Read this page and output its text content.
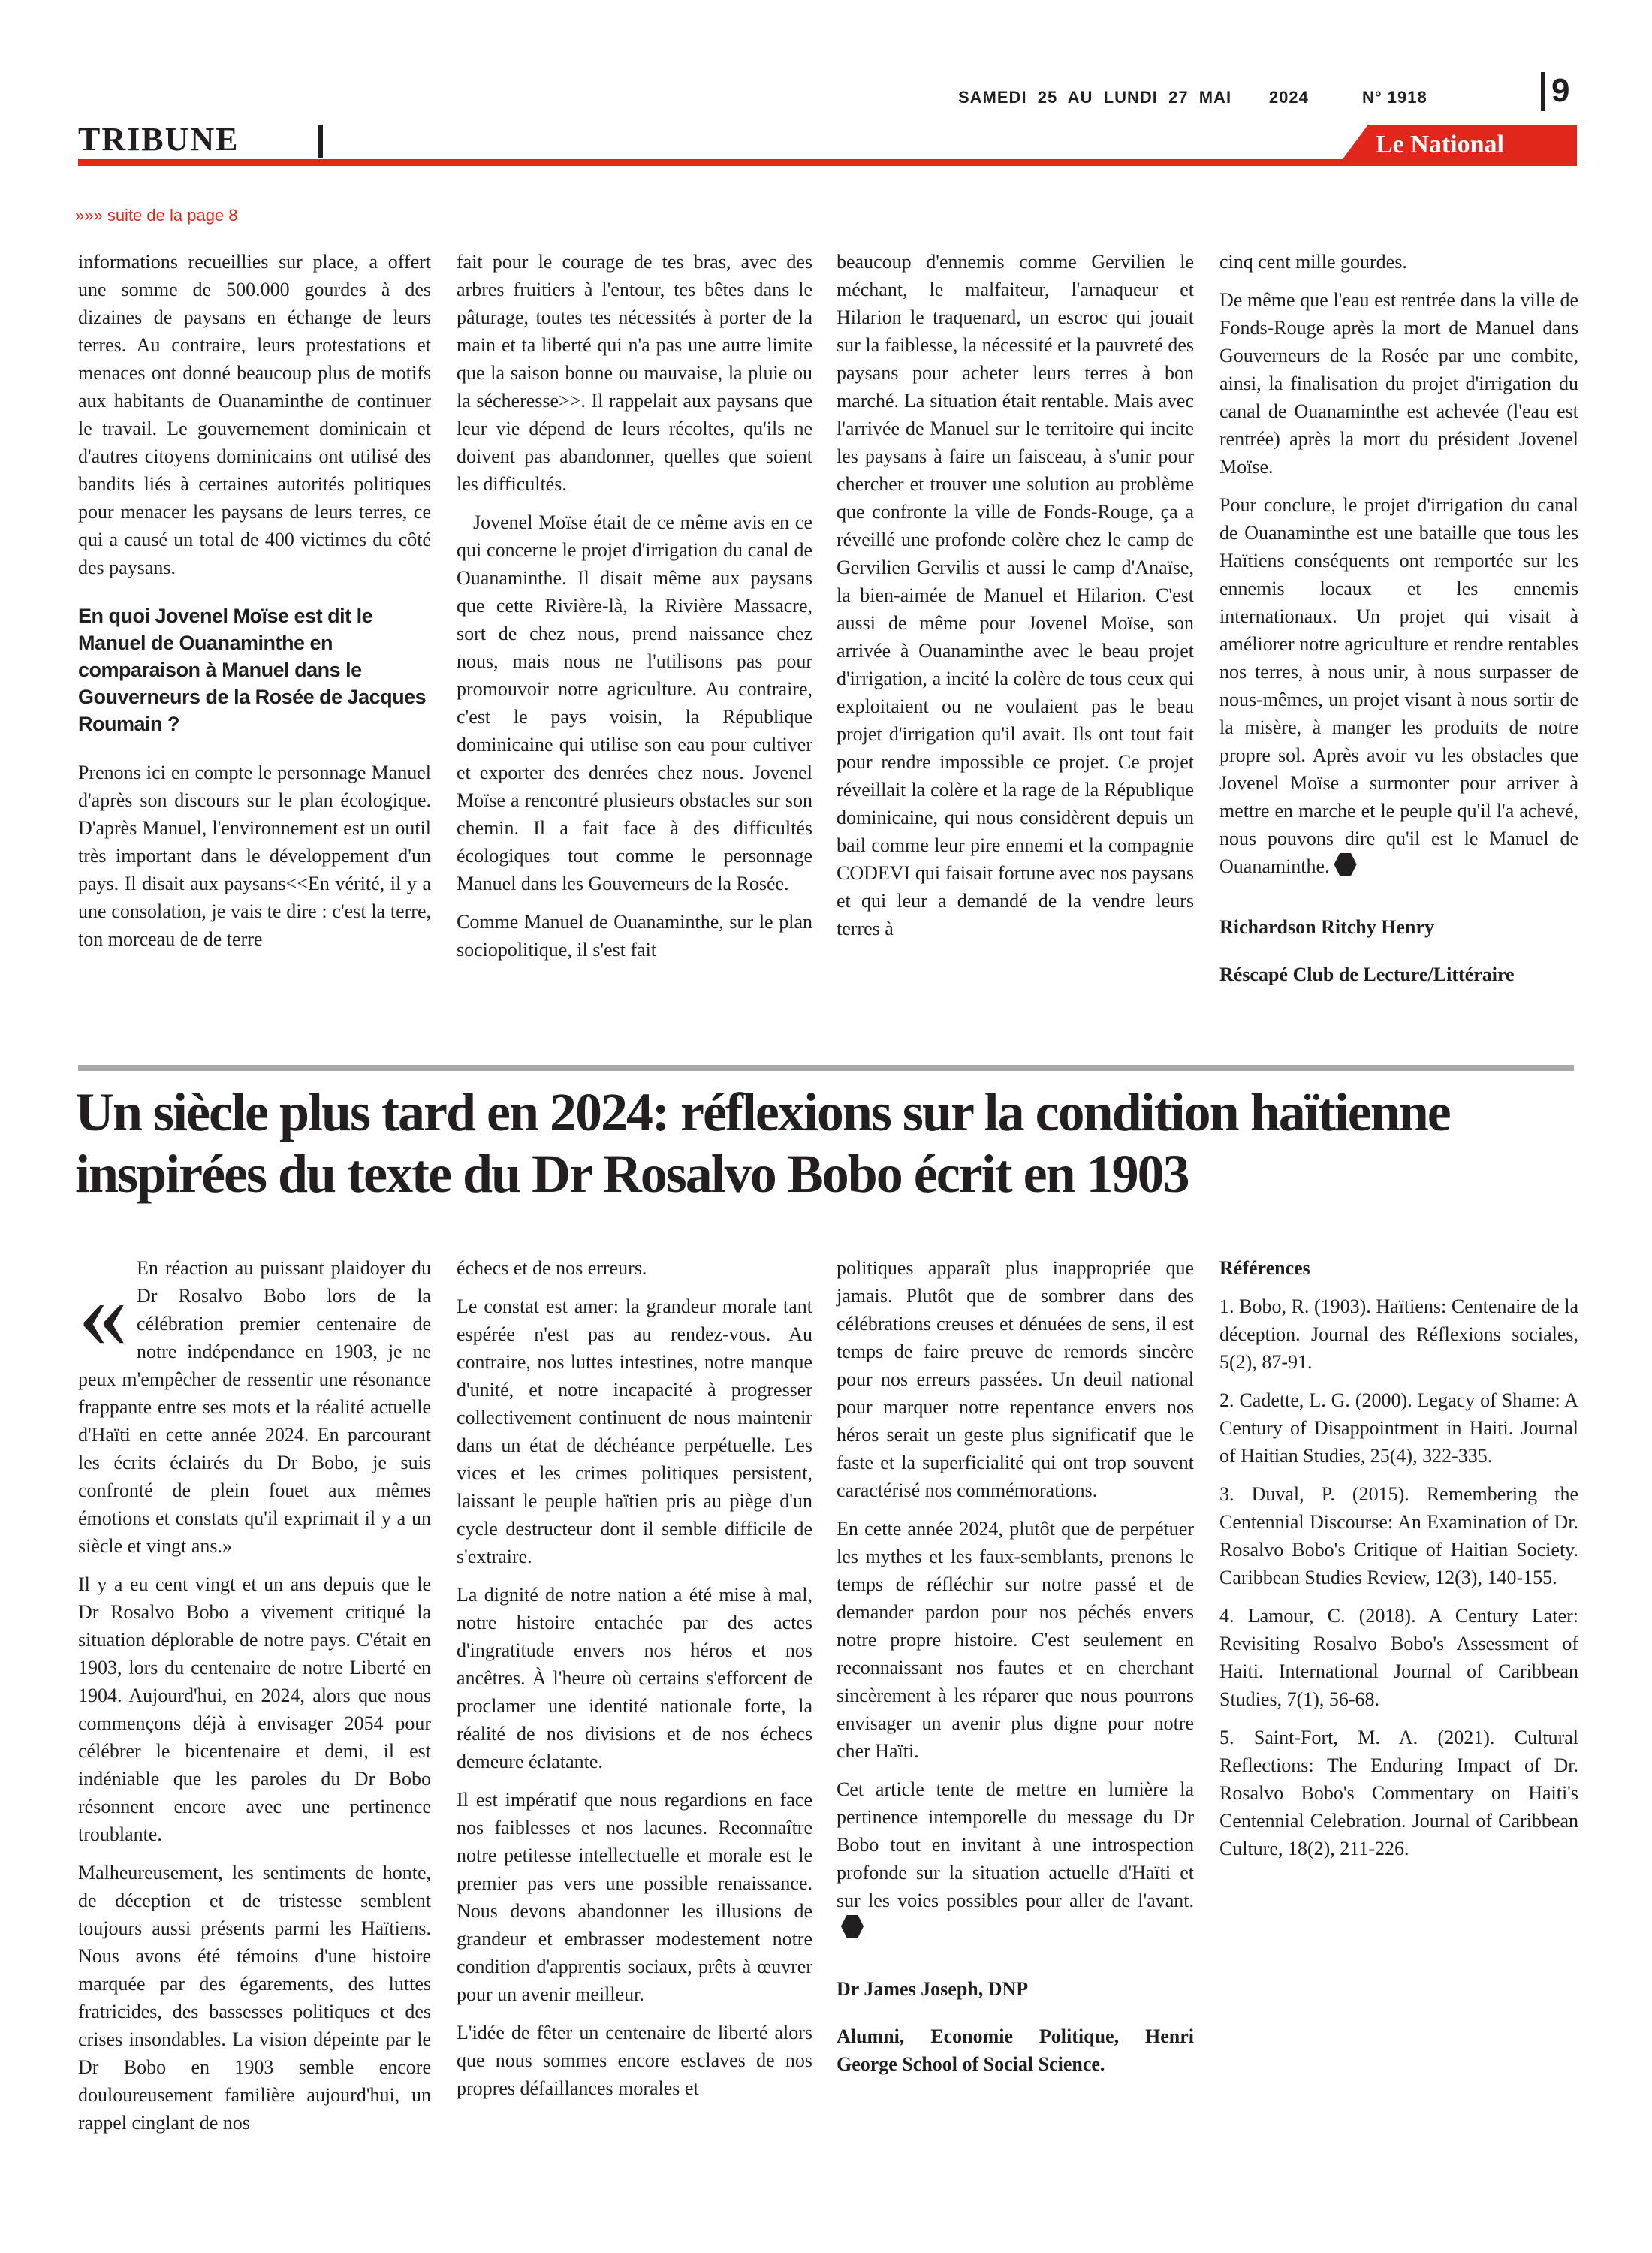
TRIBUNE
SAMEDI  25  AU  LUNDI  27  MAI       2024          N° 1918	9
Le National
»»» suite de la page 8

informations recueillies sur place, a offert une somme de 500.000 gourdes à des dizaines de paysans en échange de leurs terres. Au contraire, leurs protestations et menaces ont donné beaucoup plus de motifs aux habitants de Ouanaminthe de continuer le travail. Le gouvernement dominicain et d'autres citoyens dominicains ont utilisé des bandits liés à certaines autorités politiques pour menacer les paysans de leurs terres, ce qui a causé un total de 400 victimes du côté des paysans.

En quoi Jovenel Moïse est dit le Manuel de Ouanaminthe en comparaison à Manuel dans le Gouverneurs de la Rosée de Jacques Roumain ?

Prenons ici en compte le personnage Manuel d'après son discours sur le plan écologique. D'après Manuel, l'environnement est un outil très important dans le développement d'un pays. Il disait aux paysans<<En vérité, il y a une consolation, je vais te dire : c'est la terre, ton morceau de de terre

fait pour le courage de tes bras, avec des arbres fruitiers à l'entour, tes bêtes dans le pâturage, toutes tes nécessités à porter de la main et ta liberté qui n'a pas une autre limite que la saison bonne ou mauvaise, la pluie ou la sécheresse>>. Il rappelait aux paysans que leur vie dépend de leurs récoltes, qu'ils ne doivent pas abandonner, quelles que soient les difficultés.

Jovenel Moïse était de ce même avis en ce qui concerne le projet d'irrigation du canal de Ouanaminthe. Il disait même aux paysans que cette Rivière-là, la Rivière Massacre, sort de chez nous, prend naissance chez nous, mais nous ne l'utilisons pas pour promouvoir notre agriculture. Au contraire, c'est le pays voisin, la République dominicaine qui utilise son eau pour cultiver et exporter des denrées chez nous. Jovenel Moïse a rencontré plusieurs obstacles sur son chemin. Il a fait face à des difficultés écologiques tout comme le personnage Manuel dans les Gouverneurs de la Rosée.

Comme Manuel de Ouanaminthe, sur le plan sociopolitique, il s'est fait

beaucoup d'ennemis comme Gervilien le méchant, le malfaiteur, l'arnaqueur et Hilarion le traquenard, un escroc qui jouait sur la faiblesse, la nécessité et la pauvreté des paysans pour acheter leurs terres à bon marché. La situation était rentable. Mais avec l'arrivée de Manuel sur le territoire qui incite les paysans à faire un faisceau, à s'unir pour chercher et trouver une solution au problème que confronte la ville de Fonds-Rouge, ça a réveillé une profonde colère chez le camp de Gervilien Gervilis et aussi le camp d'Anaïse, la bien-aimée de Manuel et Hilarion. C'est aussi de même pour Jovenel Moïse, son arrivée à Ouanaminthe avec le beau projet d'irrigation, a incité la colère de tous ceux qui exploitaient ou ne voulaient pas le beau projet d'irrigation qu'il avait. Ils ont tout fait pour rendre impossible ce projet. Ce projet réveillait la colère et la rage de la République dominicaine, qui nous considèrent depuis un bail comme leur pire ennemi et la compagnie CODEVI qui faisait fortune avec nos paysans et qui leur a demandé de la vendre leurs terres à

cinq cent mille gourdes.

De même que l'eau est rentrée dans la ville de Fonds-Rouge après la mort de Manuel dans Gouverneurs de la Rosée par une combite, ainsi, la finalisation du projet d'irrigation du canal de Ouanaminthe est achevée (l'eau est rentrée) après la mort du président Jovenel Moïse.

Pour conclure, le projet d'irrigation du canal de Ouanaminthe est une bataille que tous les Haïtiens conséquents ont remportée sur les ennemis locaux et les ennemis internationaux. Un projet qui visait à améliorer notre agriculture et rendre rentables nos terres, à nous unir, à nous surpasser de nous-mêmes, un projet visant à nous sortir de la misère, à manger les produits de notre propre sol. Après avoir vu les obstacles que Jovenel Moïse a surmonter pour arriver à mettre en marche et le peuple qu'il l'a achevé, nous pouvons dire qu'il est le Manuel de Ouanaminthe.

Richardson Ritchy Henry

Réscapé Club de Lecture/Littéraire

Un siècle plus tard en 2024: réflexions sur la condition haïtienne inspirées du texte du Dr Rosalvo Bobo écrit en 1903

« En réaction au puissant plaidoyer du Dr Rosalvo Bobo lors de la célébration premier centenaire de notre indépendance en 1903, je ne peux m'empêcher de ressentir une résonance frappante entre ses mots et la réalité actuelle d'Haïti en cette année 2024. En parcourant les écrits éclairés du Dr Bobo, je suis confronté de plein fouet aux mêmes émotions et constats qu'il exprimait il y a un siècle et vingt ans.»

Il y a eu cent vingt et un ans depuis que le Dr Rosalvo Bobo a vivement critiqué la situation déplorable de notre pays. C'était en 1903, lors du centenaire de notre Liberté en 1904. Aujourd'hui, en 2024, alors que nous commençons déjà à envisager 2054 pour célébrer le bicentenaire et demi, il est indéniable que les paroles du Dr Bobo résonnent encore avec une pertinence troublante.

Malheureusement, les sentiments de honte, de déception et de tristesse semblent toujours aussi présents parmi les Haïtiens. Nous avons été témoins d'une histoire marquée par des égarements, des luttes fratricides, des bassesses politiques et des crises insondables. La vision dépeinte par le Dr Bobo en 1903 semble encore douloureusement familière aujourd'hui, un rappel cinglant de nos

échecs et de nos erreurs.

Le constat est amer: la grandeur morale tant espérée n'est pas au rendez-vous. Au contraire, nos luttes intestines, notre manque d'unité, et notre incapacité à progresser collectivement continuent de nous maintenir dans un état de déchéance perpétuelle. Les vices et les crimes politiques persistent, laissant le peuple haïtien pris au piège d'un cycle destructeur dont il semble difficile de s'extraire.

La dignité de notre nation a été mise à mal, notre histoire entachée par des actes d'ingratitude envers nos héros et nos ancêtres. À l'heure où certains s'efforcent de proclamer une identité nationale forte, la réalité de nos divisions et de nos échecs demeure éclatante.

Il est impératif que nous regardions en face nos faiblesses et nos lacunes. Reconnaître notre petitesse intellectuelle et morale est le premier pas vers une possible renaissance. Nous devons abandonner les illusions de grandeur et embrasser modestement notre condition d'apprentis sociaux, prêts à œuvrer pour un avenir meilleur.

L'idée de fêter un centenaire de liberté alors que nous sommes encore esclaves de nos propres défaillances morales et

politiques apparaît plus inappropriée que jamais. Plutôt que de sombrer dans des célébrations creuses et dénuées de sens, il est temps de faire preuve de remords sincère pour nos erreurs passées. Un deuil national pour marquer notre repentance envers nos héros serait un geste plus significatif que le faste et la superficialité qui ont trop souvent caractérisé nos commémorations.

En cette année 2024, plutôt que de perpétuer les mythes et les faux-semblants, prenons le temps de réfléchir sur notre passé et de demander pardon pour nos péchés envers notre propre histoire. C'est seulement en reconnaissant nos fautes et en cherchant sincèrement à les réparer que nous pourrons envisager un avenir plus digne pour notre cher Haïti.

Cet article tente de mettre en lumière la pertinence intemporelle du message du Dr Bobo tout en invitant à une introspection profonde sur la situation actuelle d'Haïti et sur les voies possibles pour aller de l'avant.

Dr James Joseph, DNP

Alumni, Economie Politique, Henri George School of Social Science.

Références

1. Bobo, R. (1903). Haïtiens: Centenaire de la déception. Journal des Réflexions sociales, 5(2), 87-91.

2. Cadette, L. G. (2000). Legacy of Shame: A Century of Disappointment in Haiti. Journal of Haitian Studies, 25(4), 322-335.

3. Duval, P. (2015). Remembering the Centennial Discourse: An Examination of Dr. Rosalvo Bobo's Critique of Haitian Society. Caribbean Studies Review, 12(3), 140-155.

4. Lamour, C. (2018). A Century Later: Revisiting Rosalvo Bobo's Assessment of Haiti. International Journal of Caribbean Studies, 7(1), 56-68.

5. Saint-Fort, M. A. (2021). Cultural Reflections: The Enduring Impact of Dr. Rosalvo Bobo's Commentary on Haiti's Centennial Celebration. Journal of Caribbean Culture, 18(2), 211-226.
